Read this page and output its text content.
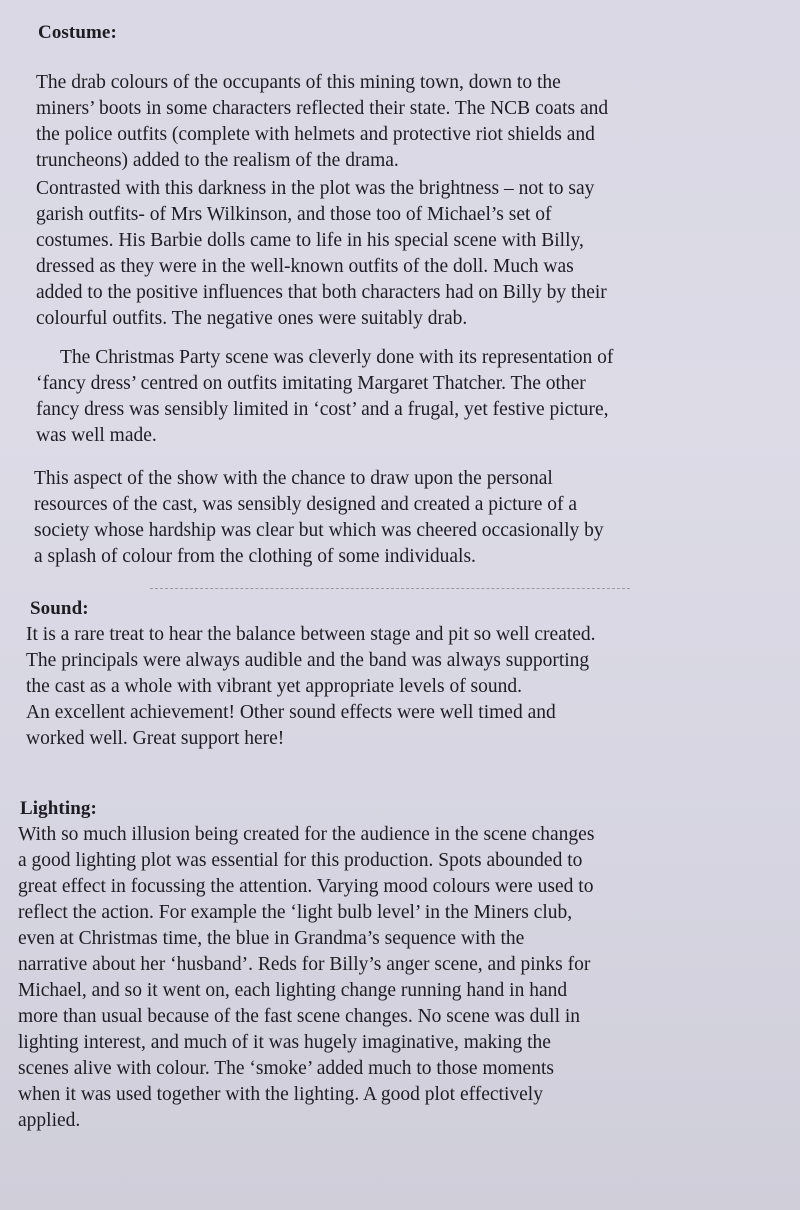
Costume:

The drab colours of the occupants of this mining town, down to the
miners’ boots in some characters reflected their state. The NCB coats and
the police outfits (complete with helmets and protective riot shields and
truncheons) added to the realism of the drama.

Contrasted with this darkness in the plot was the brightness – not to say
garish outfits- of Mrs Wilkinson, and those too of Michael’s set of
costumes. His Barbie dolls came to life in his special scene with Billy,
dressed as they were in the well-known outfits of the doll. Much was
added to the positive influences that both characters had on Billy by their
colourful outfits. The negative ones were suitably drab.

The Christmas Party scene was cleverly done with its representation of
‘fancy dress’ centred on outfits imitating Margaret Thatcher. The other
fancy dress was sensibly limited in ‘cost’ and a frugal, yet festive picture,
was well made.

This aspect of the show with the chance to draw upon the personal
resources of the cast, was sensibly designed and created a picture of a
society whose hardship was clear but which was cheered occasionally by
a splash of colour from the clothing of some individuals.

Sound:

It is a rare treat to hear the balance between stage and pit so well created.
The principals were always audible and the band was always supporting
the cast as a whole with vibrant yet appropriate levels of sound.
An excellent achievement! Other sound effects were well timed and
worked well. Great support here!

Lighting:

With so much illusion being created for the audience in the scene changes
a good lighting plot was essential for this production. Spots abounded to
great effect in focussing the attention. Varying mood colours were used to
reflect the action. For example the ‘light bulb level’ in the Miners club,
even at Christmas time, the blue in Grandma’s sequence with the
narrative about her ‘husband’. Reds for Billy’s anger scene, and pinks for
Michael, and so it went on, each lighting change running hand in hand
more than usual because of the fast scene changes. No scene was dull in
lighting interest, and much of it was hugely imaginative, making the
scenes alive with colour. The ‘smoke’ added much to those moments
when it was used together with the lighting. A good plot effectively
applied.
